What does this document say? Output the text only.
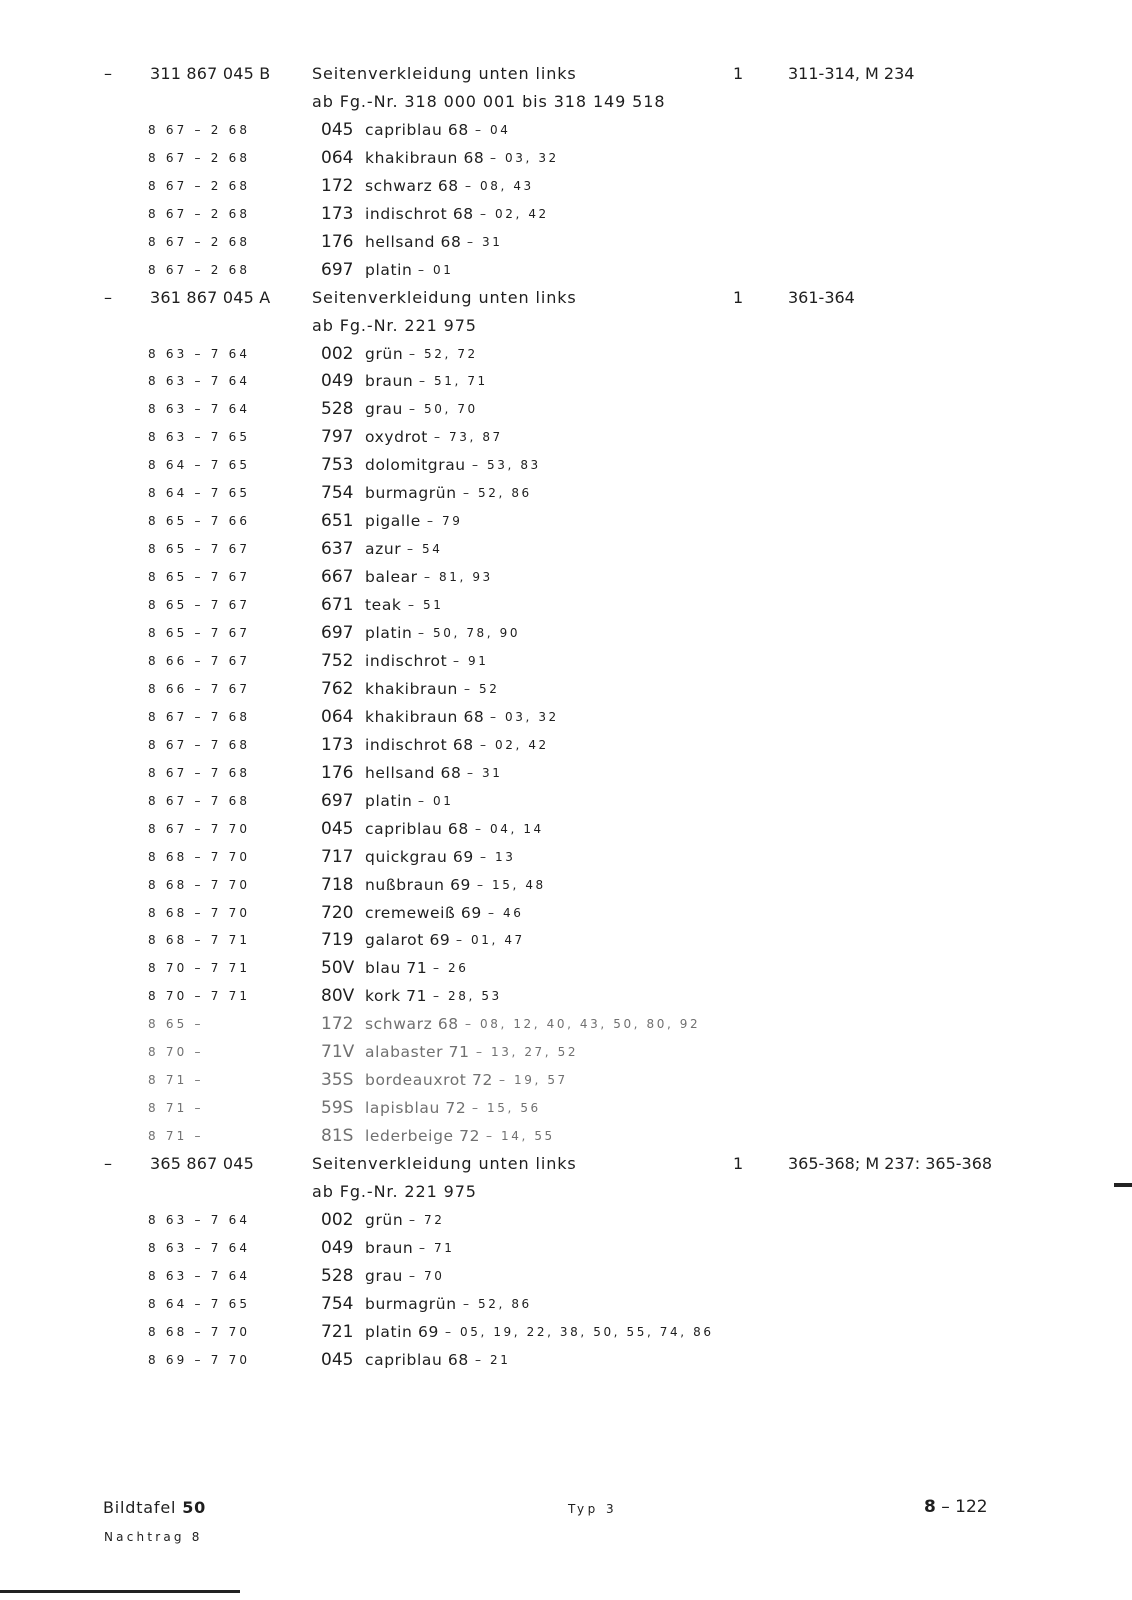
–	311 867 045 B	Seitenverkleidung unten links	1	311-314, M 234
ab Fg.-Nr. 318 000 001 bis 318 149 518
8 67 – 2 68	045 capriblau 68 – 04
8 67 – 2 68	064 khakibraun 68 – 03, 32
8 67 – 2 68	172 schwarz 68 – 08, 43
8 67 – 2 68	173 indischrot 68 – 02, 42
8 67 – 2 68	176 hellsand 68 – 31
8 67 – 2 68	697 platin – 01
–	361 867 045 A	Seitenverkleidung unten links	1	361-364
ab Fg.-Nr. 221 975
8 63 – 7 64	002 grün – 52, 72
8 63 – 7 64	049 braun – 51, 71
8 63 – 7 64	528 grau – 50, 70
8 63 – 7 65	797 oxydrot – 73, 87
8 64 – 7 65	753 dolomitgrau – 53, 83
8 64 – 7 65	754 burmagrün – 52, 86
8 65 – 7 66	651 pigalle – 79
8 65 – 7 67	637 azur – 54
8 65 – 7 67	667 balear – 81, 93
8 65 – 7 67	671 teak – 51
8 65 – 7 67	697 platin – 50, 78, 90
8 66 – 7 67	752 indischrot – 91
8 66 – 7 67	762 khakibraun – 52
8 67 – 7 68	064 khakibraun 68 – 03, 32
8 67 – 7 68	173 indischrot 68 – 02, 42
8 67 – 7 68	176 hellsand 68 – 31
8 67 – 7 68	697 platin – 01
8 67 – 7 70	045 capriblau 68 – 04, 14
8 68 – 7 70	717 quickgrau 69 – 13
8 68 – 7 70	718 nußbraun 69 – 15, 48
8 68 – 7 70	720 cremeweiß 69 – 46
8 68 – 7 71	719 galarot 69 – 01, 47
8 70 – 7 71	50V blau 71 – 26
8 70 – 7 71	80V kork 71 – 28, 53
8 65 –	172 schwarz 68 – 08, 12, 40, 43, 50, 80, 92
8 70 –	71V alabaster 71 – 13, 27, 52
8 71 –	35S bordeauxrot 72 – 19, 57
8 71 –	59S lapisblau 72 – 15, 56
8 71 –	81S lederbeige 72 – 14, 55
–	365 867 045	Seitenverkleidung unten links	1	365-368; M 237: 365-368
ab Fg.-Nr. 221 975
8 63 – 7 64	002 grün – 72
8 63 – 7 64	049 braun – 71
8 63 – 7 64	528 grau – 70
8 64 – 7 65	754 burmagrün – 52, 86
8 68 – 7 70	721 platin 69 – 05, 19, 22, 38, 50, 55, 74, 86
8 69 – 7 70	045 capriblau 68 – 21
Bildtafel 50
Nachtrag 8
Typ 3	8 – 122
